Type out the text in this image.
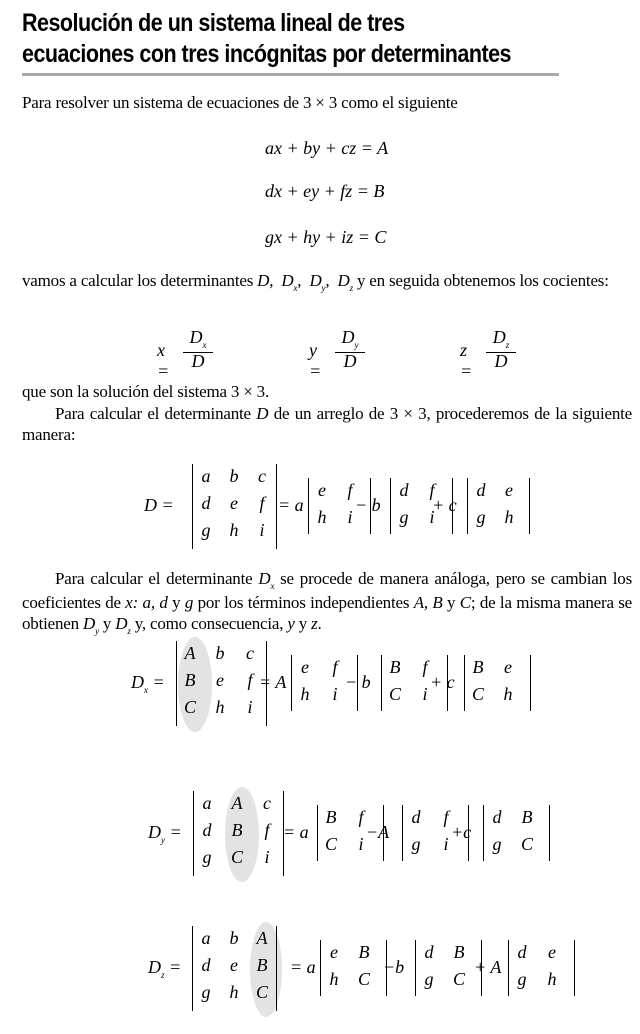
Resolución de un sistema lineal de tres
ecuaciones con tres incógnitas por determinantes
Para resolver un sistema de ecuaciones de 3 × 3 como el siguiente
ax + by + cz = A
dx + ey + fz = B
gx + hy + iz = C
vamos a calcular los determinantes D, $D_x$, $D_y$, $D_z$ y en seguida obtenemos los cocientes:
x =
$D_x$
D
y =
$D_y$
D
z =
$D_z$
D
que son la solución del sistema 3 × 3.
Para calcular el determinante D de un arreglo de 3 × 3, procederemos de la siguiente manera:
D =
a	b	c
d	e	f
g	h	i
= a
e	f
h	i
− b
d	f
g	i
+ c
d	e
g	h
Para calcular el determinante $D_x$ se procede de manera análoga, pero se cambian los coeficientes de x: a, d y g por los términos independientes A, B y C; de la misma manera se obtienen $D_y$ y $D_z$ y, como consecuencia, y y z.
$D_x$ =
A	b	c
B	e	f
C	h	i
= A
e	f
h	i
− b
B	f
C	i
+ c
B	e
C	h
$D_y$ =
a	A	c
d	B	f
g	C	i
= a
B	f
C	i
−A
d	f
g	i
+c
d	B
g	C
$D_z$ =
a	b	A
d	e	B
g	h C
= a
e	B
h	C
−b
d	B
g	C
+ A
d	e
g	h
